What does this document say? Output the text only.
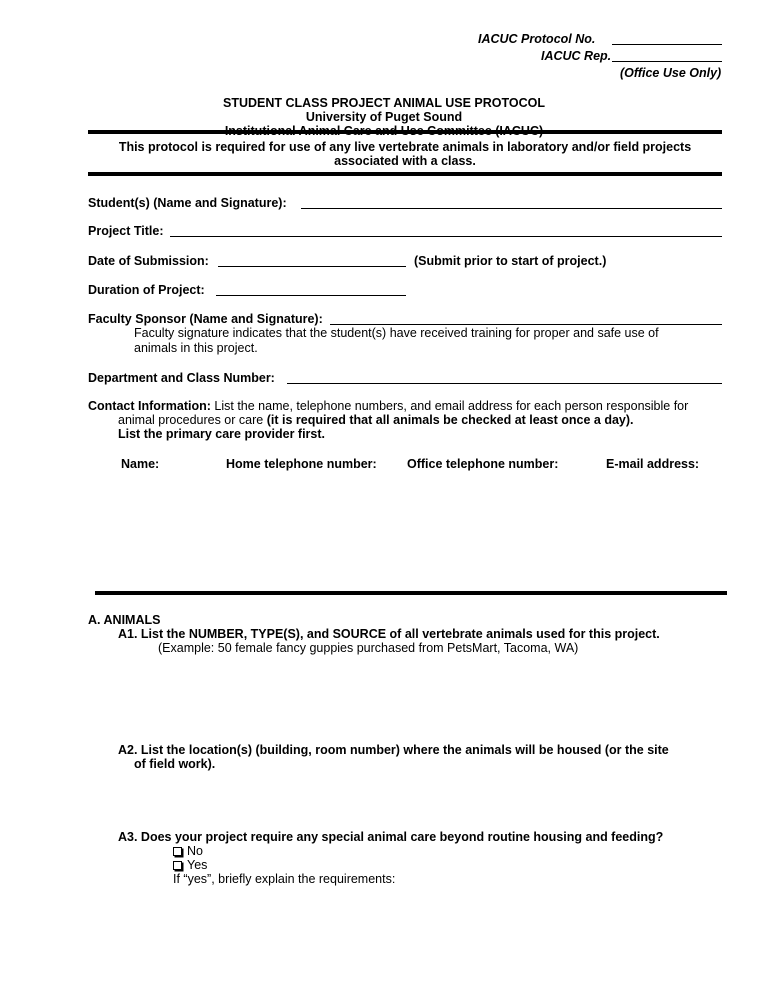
IACUC Protocol No.
IACUC Rep.
(Office Use Only)
STUDENT CLASS PROJECT ANIMAL USE PROTOCOL
University of Puget Sound
This protocol is required for use of any live vertebrate animals in laboratory and/or field projects
associated with a class.
Student(s) (Name and Signature):
Project Title:
Date of Submission:	(Submit prior to start of project.)
Duration of Project:
Faculty Sponsor (Name and Signature):
Faculty signature indicates that the student(s) have received training for proper and safe use of
animals in this project.
Department and Class Number:
Contact Information: List the name, telephone numbers, and email address for each person responsible for
animal procedures or care (it is required that all animals be checked at least once a day).
List the primary care provider first.
Name:	Home telephone number: Office telephone number:	E-mail address:
A. ANIMALS
A1. List the NUMBER, TYPE(S), and SOURCE of all vertebrate animals used for this project.
(Example: 50 female fancy guppies purchased from PetsMart, Tacoma, WA)
A2. List the location(s) (building, room number) where the animals will be housed (or the site
of field work).
A3. Does your project require any special animal care beyond routine housing and feeding?
No
Yes
If “yes”, briefly explain the requirements:
